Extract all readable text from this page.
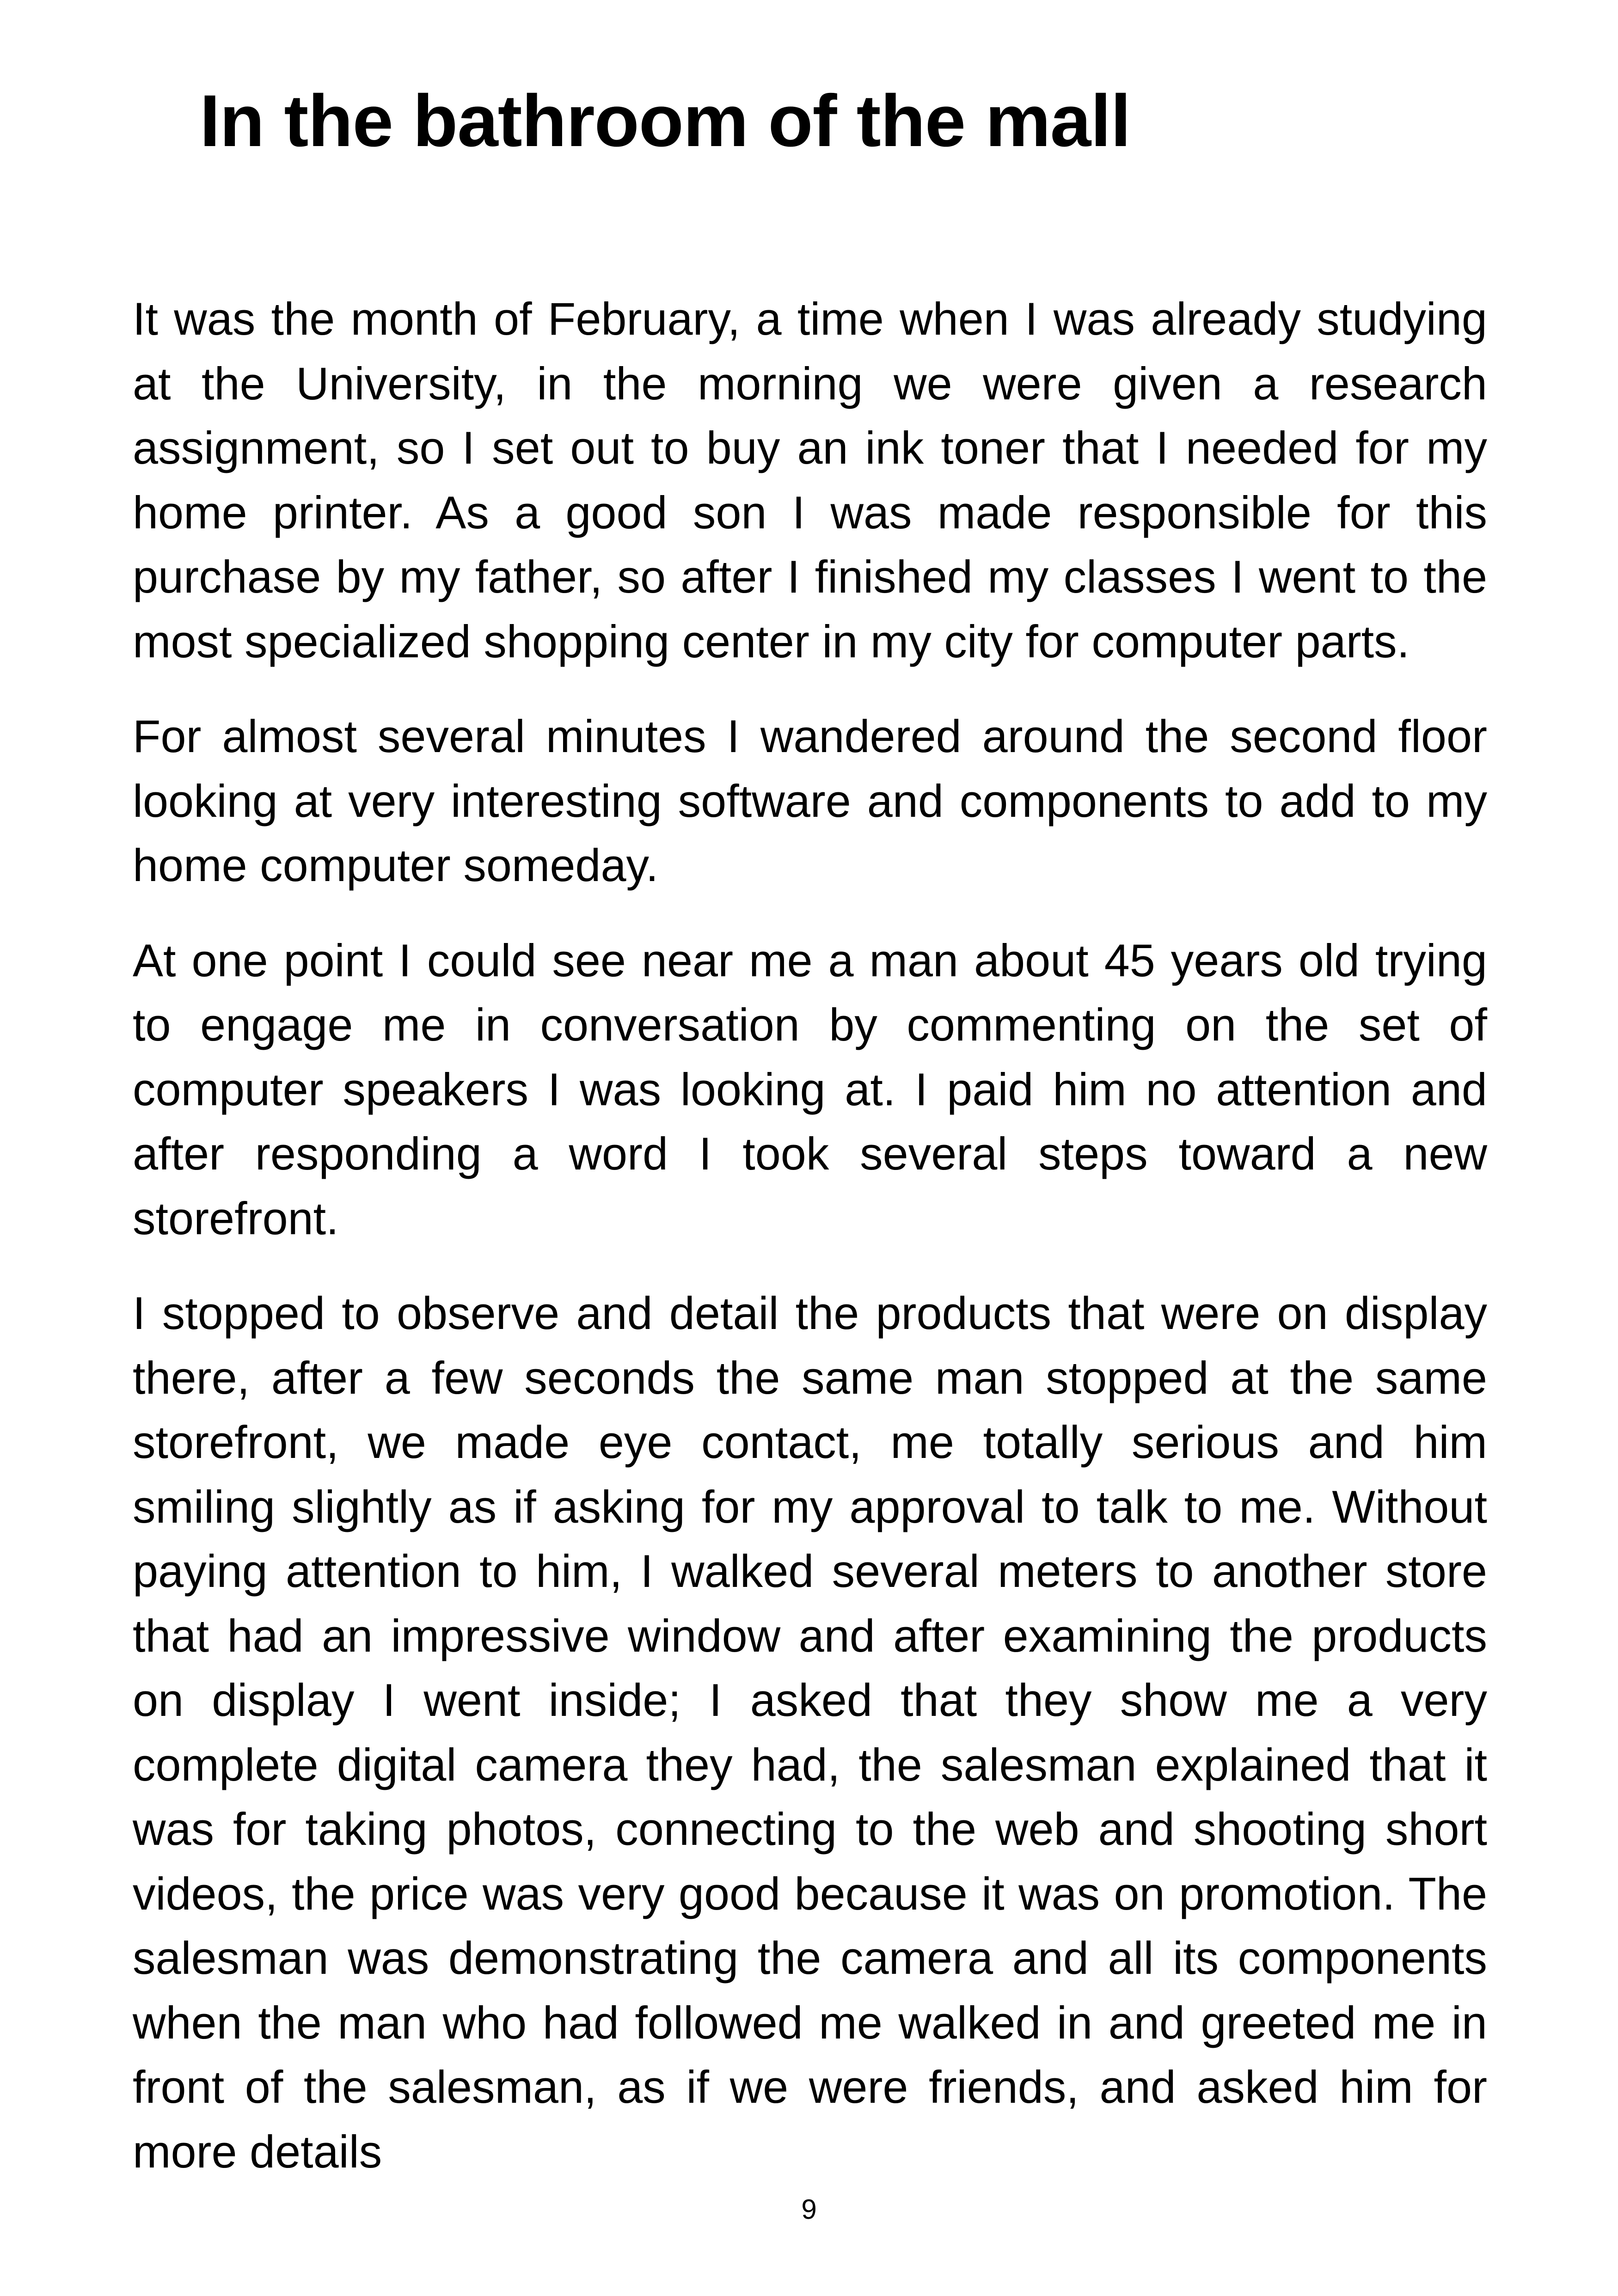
In the bathroom of the mall

It was the month of February, a time when I was already studying at the University, in the morning we were given a research assignment, so I set out to buy an ink toner that I needed for my home printer. As a good son I was made responsible for this purchase by my father, so after I finished my classes I went to the most specialized shopping center in my city for computer parts.

For almost several minutes I wandered around the second floor looking at very interesting software and components to add to my home computer someday.

At one point I could see near me a man about 45 years old trying to engage me in conversation by commenting on the set of computer speakers I was looking at. I paid him no attention and after responding a word I took several steps toward a new storefront.

I stopped to observe and detail the products that were on display there, after a few seconds the same man stopped at the same storefront, we made eye contact, me totally serious and him smiling slightly as if asking for my approval to talk to me. Without paying attention to him, I walked several meters to another store that had an impressive window and after examining the products on display I went inside; I asked that they show me a very complete digital camera they had, the salesman explained that it was for taking photos, connecting to the web and shooting short videos, the price was very good because it was on promotion. The salesman was demonstrating the camera and all its components when the man who had followed me walked in and greeted me in front of the salesman, as if we were friends, and asked him for more details

9
